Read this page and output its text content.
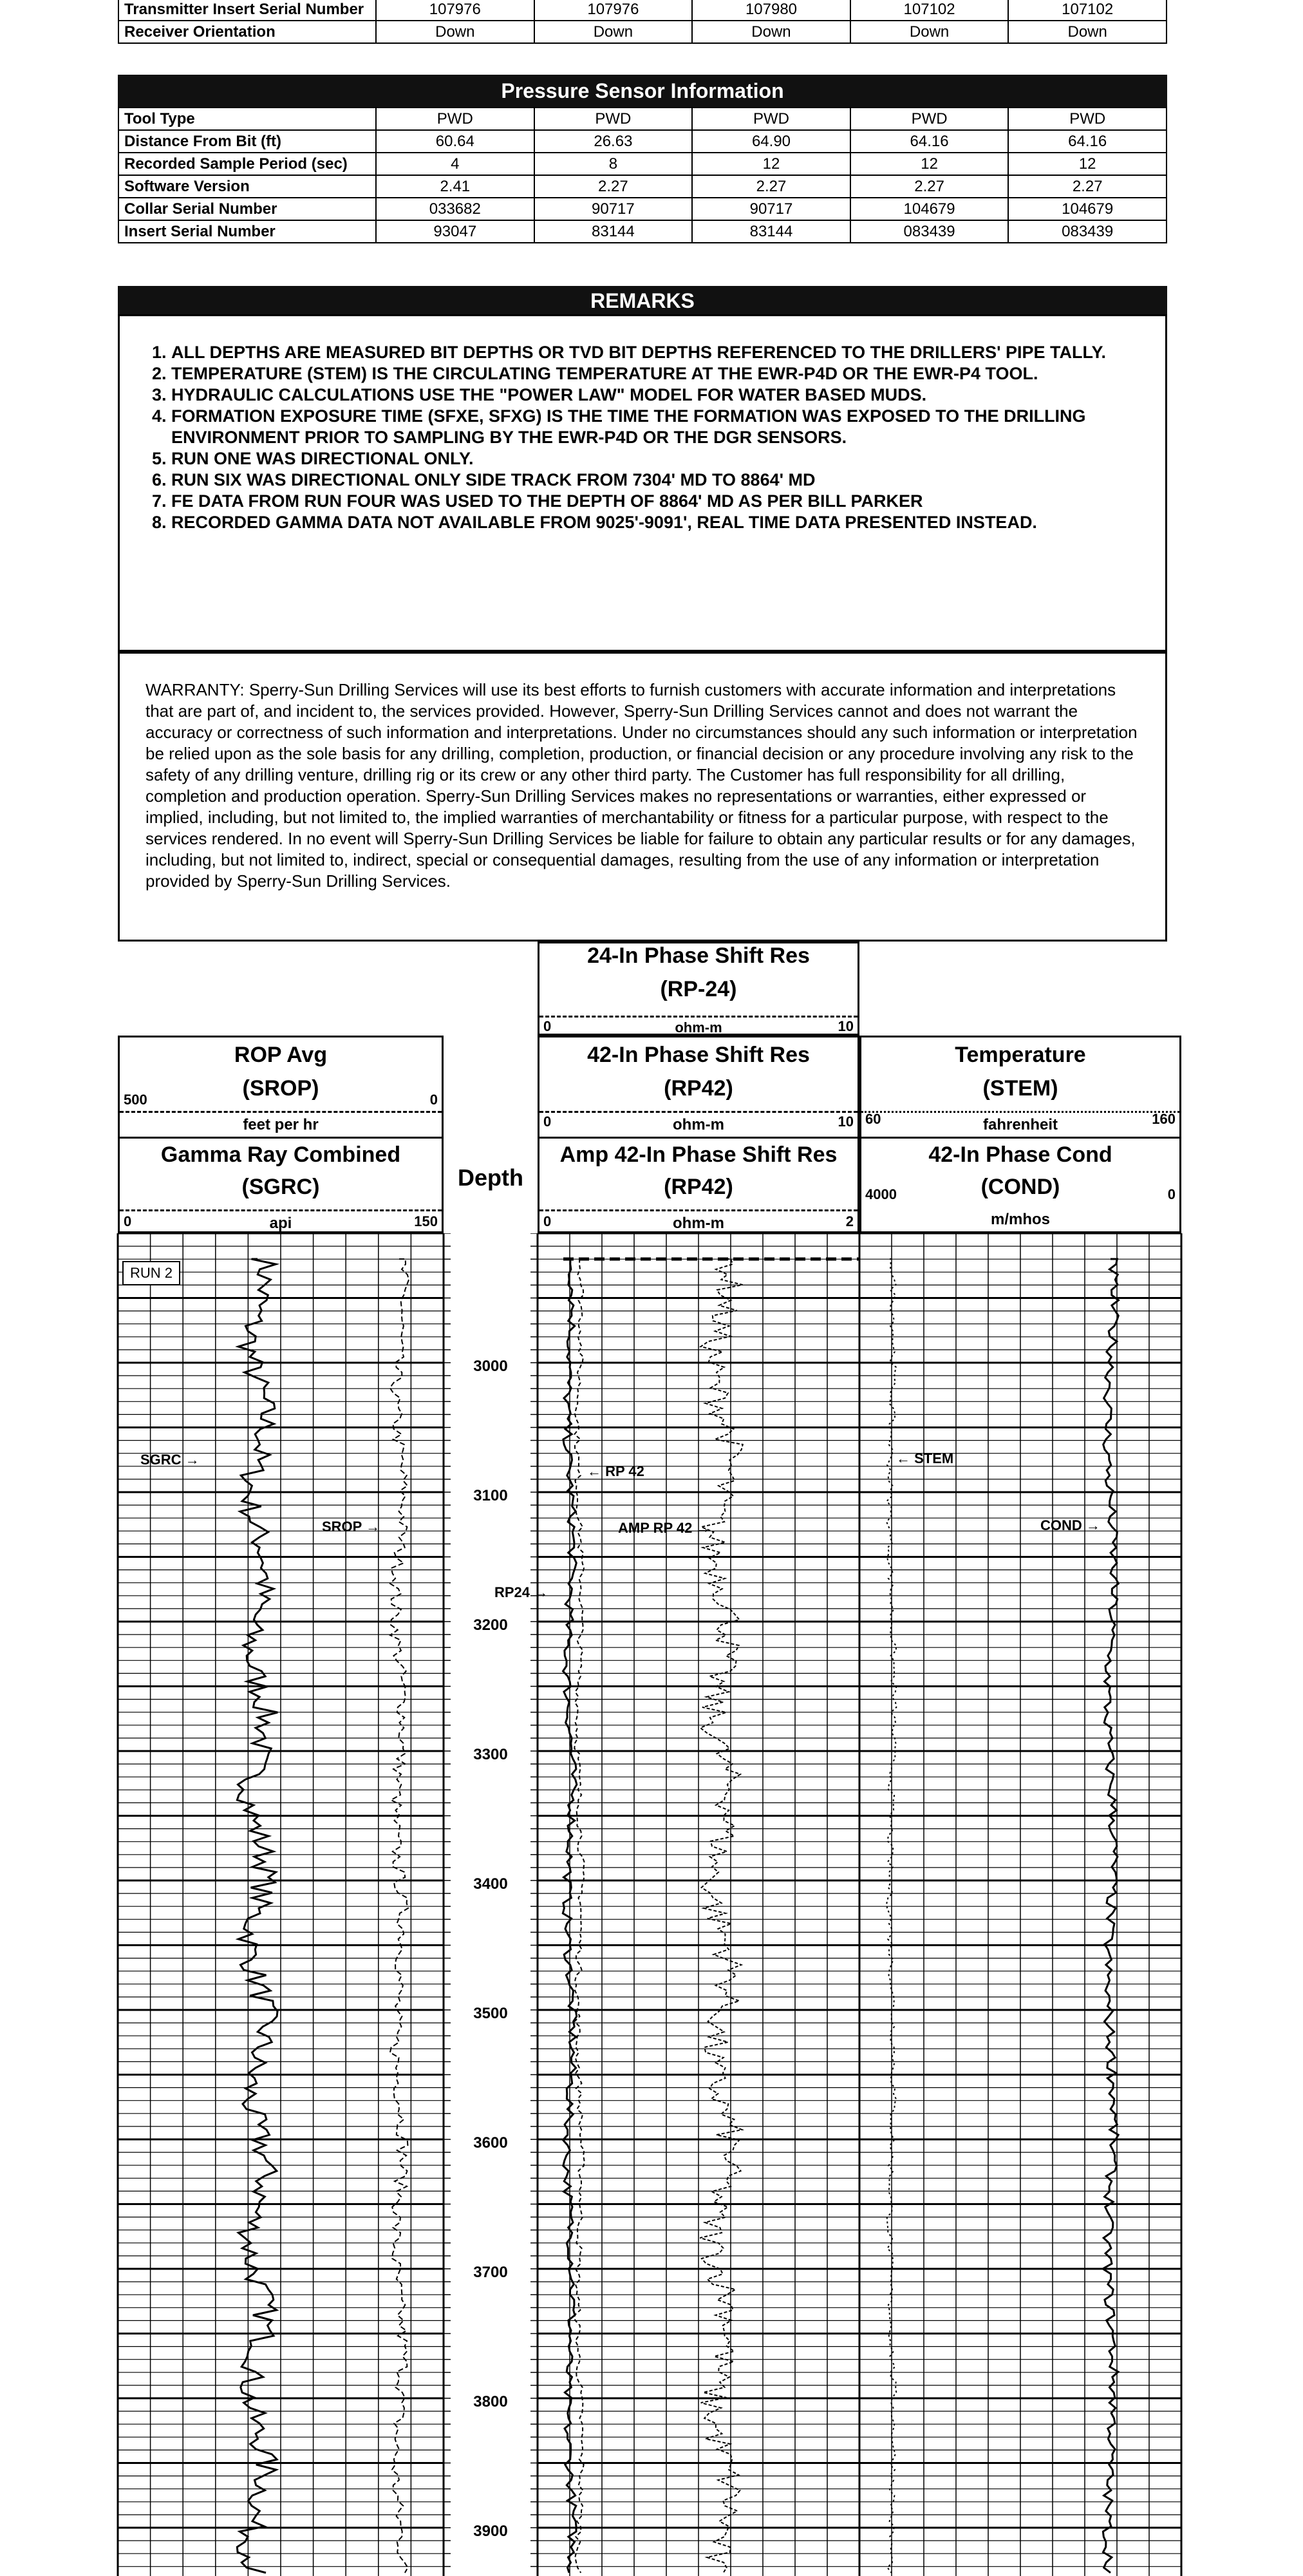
Transmitter Insert Serial Number	107976	107976	107980	107102	107102
Receiver Orientation	Down	Down	Down	Down	Down
Pressure Sensor Information
Tool Type	PWD	PWD	PWD	PWD	PWD
Distance From Bit (ft)	60.64	26.63	64.90	64.16	64.16
Recorded Sample Period (sec)	4	8	12	12	12
Software Version	2.41	2.27	2.27	2.27	2.27
Collar Serial Number	033682	90717	90717	104679	104679
Insert Serial Number	93047	83144	83144	083439	083439
REMARKS
1. ALL DEPTHS ARE MEASURED BIT DEPTHS OR TVD BIT DEPTHS REFERENCED TO THE DRILLERS' PIPE TALLY.
2. TEMPERATURE (STEM) IS THE CIRCULATING TEMPERATURE AT THE EWR-P4D OR THE EWR-P4 TOOL.
3. HYDRAULIC CALCULATIONS USE THE "POWER LAW" MODEL FOR WATER BASED MUDS.
4. FORMATION EXPOSURE TIME (SFXE, SFXG) IS THE TIME THE FORMATION WAS EXPOSED TO THE DRILLING ENVIRONMENT PRIOR TO SAMPLING BY THE EWR-P4D OR THE DGR SENSORS.
5. RUN ONE WAS DIRECTIONAL ONLY.
6. RUN SIX WAS DIRECTIONAL ONLY SIDE TRACK FROM 7304' MD TO 8864' MD
7. FE DATA FROM RUN FOUR WAS USED TO THE DEPTH OF 8864' MD AS PER BILL PARKER
8. RECORDED GAMMA DATA NOT AVAILABLE FROM 9025'-9091', REAL TIME DATA PRESENTED INSTEAD.
WARRANTY: Sperry-Sun Drilling Services will use its best efforts to furnish customers with accurate information and interpretations that are part of, and incident to, the services provided. However, Sperry-Sun Drilling Services cannot and does not warrant the accuracy or correctness of such information and interpretations. Under no circumstances should any such information or interpretation be relied upon as the sole basis for any drilling, completion, production, or financial decision or any procedure involving any risk to the safety of any drilling venture, drilling rig or its crew or any other third party. The Customer has full responsibility for all drilling, completion and production operation. Sperry-Sun Drilling Services makes no representations or warranties, either expressed or implied, including, but not limited to, the implied warranties of merchantability or fitness for a particular purpose, with respect to the services rendered. In no event will Sperry-Sun Drilling Services be liable for failure to obtain any particular results or for any damages, including, but not limited to, indirect, special or consequential damages, resulting from the use of any information or interpretation provided by Sperry-Sun Drilling Services.
24-In Phase Shift Res
(RP-24)
0	10
ohm-m
ROP Avg
(SROP)
500	0
feet per hr
Gamma Ray Combined
(SGRC)
0	150
api
Depth
42-In Phase Shift Res
(RP42)
0	10
ohm-m
Amp 42-In Phase Shift Res
(RP42)
0	2
ohm-m
Temperature
(STEM)
60	160
fahrenheit
42-In Phase Cond
(COND)
4000	0
m/mhos
RUN 2
3000
3100
3200
3300
3400
3500
3600
3700
3800
3900
SGRC →
SROP →
← RP 42
AMP RP 42 →
RP24 →
← STEM
COND →
